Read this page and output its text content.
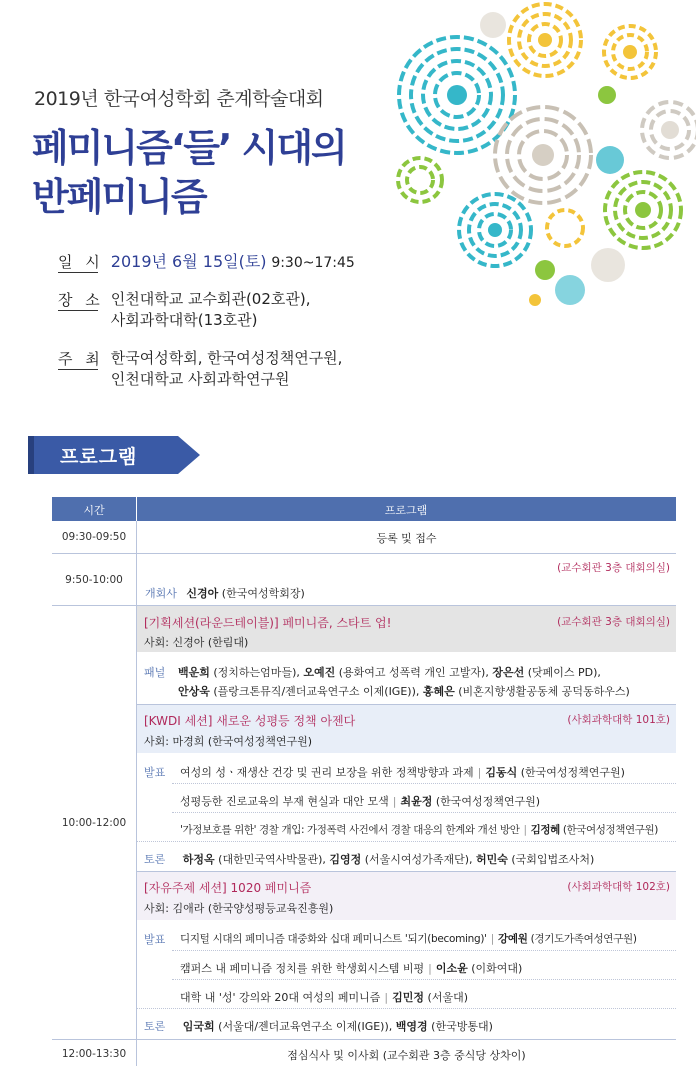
2019년 한국여성학회 춘계학술대회
페미니즘‘들’ 시대의
반페미니즘
일 시 2019년 6월 15일(토) 9:30~17:45
장 소 인천대학교 교수회관(02호관),
사회과학대학(13호관)
주 최 한국여성학회, 한국여성정책연구원,
인천대학교 사회과학연구원
프로그램
시간	프로그램
09:30-09:50	등록 및 접수
9:50-10:00
(교수회관 3층 대회의실)
개회사 신경아 (한국여성학회장)
10:00-12:00
[기획세션(라운드테이블)] 페미니즘, 스타트 업!	(교수회관 3층 대회의실)
사회: 신경아 (한림대)
패널 백운희 (정치하는엄마들), 오예진 (용화여고 성폭력 개인 고발자), 장은선 (닷페이스 PD),
안상욱 (플랑크톤뮤직/젠더교육연구소 이제(IGE)), 홍혜은 (비혼지향생활공동체 공덕동하우스)
[KWDI 세션] 새로운 성평등 정책 아젠다	(사회과학대학 101호)
사회: 마경희 (한국여성정책연구원)
발표 여성의 성ㆍ재생산 건강 및 권리 보장을 위한 정책방향과 과제 | 김동식 (한국여성정책연구원)
성평등한 진로교육의 부재 현실과 대안 모색 | 최윤정 (한국여성정책연구원)
'가정보호를 위한' 경찰 개입: 가정폭력 사건에서 경찰 대응의 한계와 개선 방안 | 김정혜 (한국여성정책연구원)
토론 하정옥 (대한민국역사박물관), 김영정 (서울시여성가족재단), 허민숙 (국회입법조사처)
[자유주제 세션] 1020 페미니즘	(사회과학대학 102호)
사회: 김애라 (한국양성평등교육진흥원)
발표 디지털 시대의 페미니즘 대중화와 십대 페미니스트 '되기(becoming)' | 강예원 (경기도가족여성연구원)
캠퍼스 내 페미니즘 정치를 위한 학생회시스템 비평 | 이소윤 (이화여대)
대학 내 '성' 강의와 20대 여성의 페미니즘 | 김민정 (서울대)
토론 임국희 (서울대/젠더교육연구소 이제(IGE)), 백영경 (한국방통대)
12:00-13:30	점심식사 및 이사회 (교수회관 3층 중식당 상차이)
